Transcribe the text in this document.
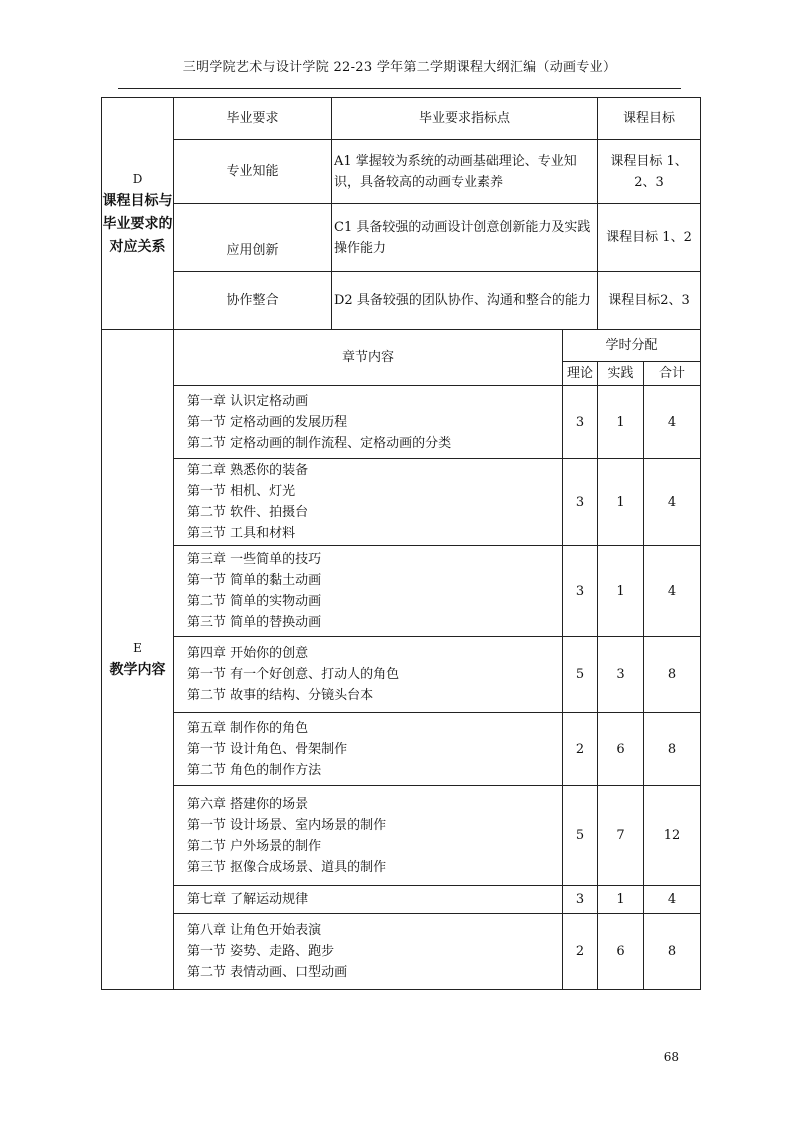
三明学院艺术与设计学院 22-23 学年第二学期课程大纲汇编（动画专业）
D
课程目标与
毕业要求的
对应关系	毕业要求	毕业要求指标点		课程目标	
	专业知能	A1 掌握较为系统的动画基础理论、专业知识，具备较高的动画专业素养		课程目标 1、2、3	
	应用创新	C1 具备较强的动画设计创意创新能力及实践操作能力		课程目标 1、2	
	协作整合	D2 具备较强的团队协作、沟通和整合的能力		课程目标2、3	

E
教学内容	章节内容		学时分配		
			理论	实践	合计

	第一章 认识定格动画
第一节 定格动画的发展历程
第二节 定格动画的制作流程、定格动画的分类		3	1	4

	第二章 熟悉你的装备
第一节 相机、灯光
第二节 软件、拍摄台
第三节 工具和材料		3	1	4

	第三章 一些简单的技巧
第一节 简单的黏土动画
第二节 简单的实物动画
第三节 简单的替换动画		3	1	4

	第四章 开始你的创意
第一节 有一个好创意、打动人的角色
第二节 故事的结构、分镜头台本		5	3	8

	第五章 制作你的角色
第一节 设计角色、骨架制作
第二节 角色的制作方法		2	6	8

	第六章 搭建你的场景
第一节 设计场景、室内场景的制作
第二节 户外场景的制作
第三节 抠像合成场景、道具的制作		5	7	12

	第七章 了解运动规律		3	1	4

	第八章 让角色开始表演
第一节 姿势、走路、跑步
第二节 表情动画、口型动画		2	6	8
68
